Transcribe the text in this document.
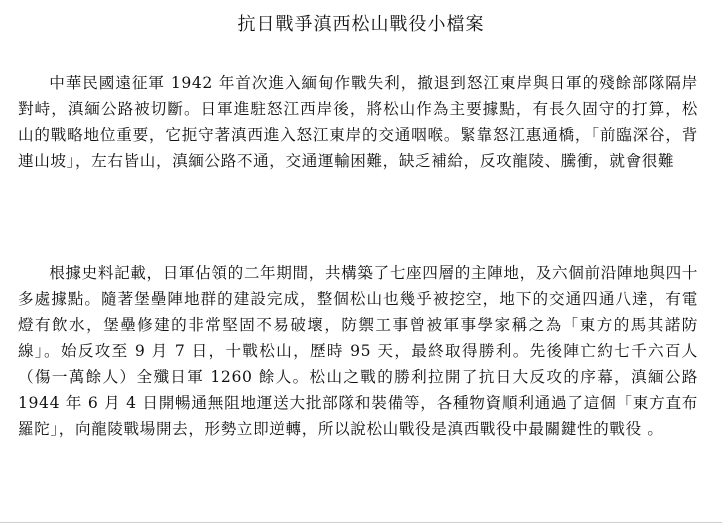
抗日戰爭滇西松山戰役小檔案

中華民國遠征軍 1942 年首次進入緬甸作戰失利，撤退到怒江東岸與日軍的殘餘部隊隔岸對峙，滇緬公路被切斷。日軍進駐怒江西岸後，將松山作為主要據點，有長久固守的打算，松山的戰略地位重要，它扼守著滇西進入怒江東岸的交通咽喉。緊靠怒江惠通橋，「前臨深谷，背連山坡」，左右皆山，滇緬公路不通，交通運輸困難，缺乏補給，反攻龍陵、騰衝，就會很難

根據史料記載，日軍佔領的二年期間，共構築了七座四層的主陣地，及六個前沿陣地與四十多處據點。隨著堡壘陣地群的建設完成，整個松山也幾乎被挖空，地下的交通四通八達，有電燈有飲水，堡壘修建的非常堅固不易破壞，防禦工事曾被軍事學家稱之為「東方的馬其諾防線」。始反攻至 9 月 7 日，十戰松山，歷時 95 天，最終取得勝利。先後陣亡約七千六百人（傷一萬餘人）全殲日軍 1260 餘人。松山之戰的勝利拉開了抗日大反攻的序幕，滇緬公路　1944 年 6 月 4 日開暢通無阻地運送大批部隊和裝備等，各種物資順利通過了這個「東方直布羅陀」，向龍陵戰場開去，形勢立即逆轉，所以說松山戰役是滇西戰役中最關鍵性的戰役 。
